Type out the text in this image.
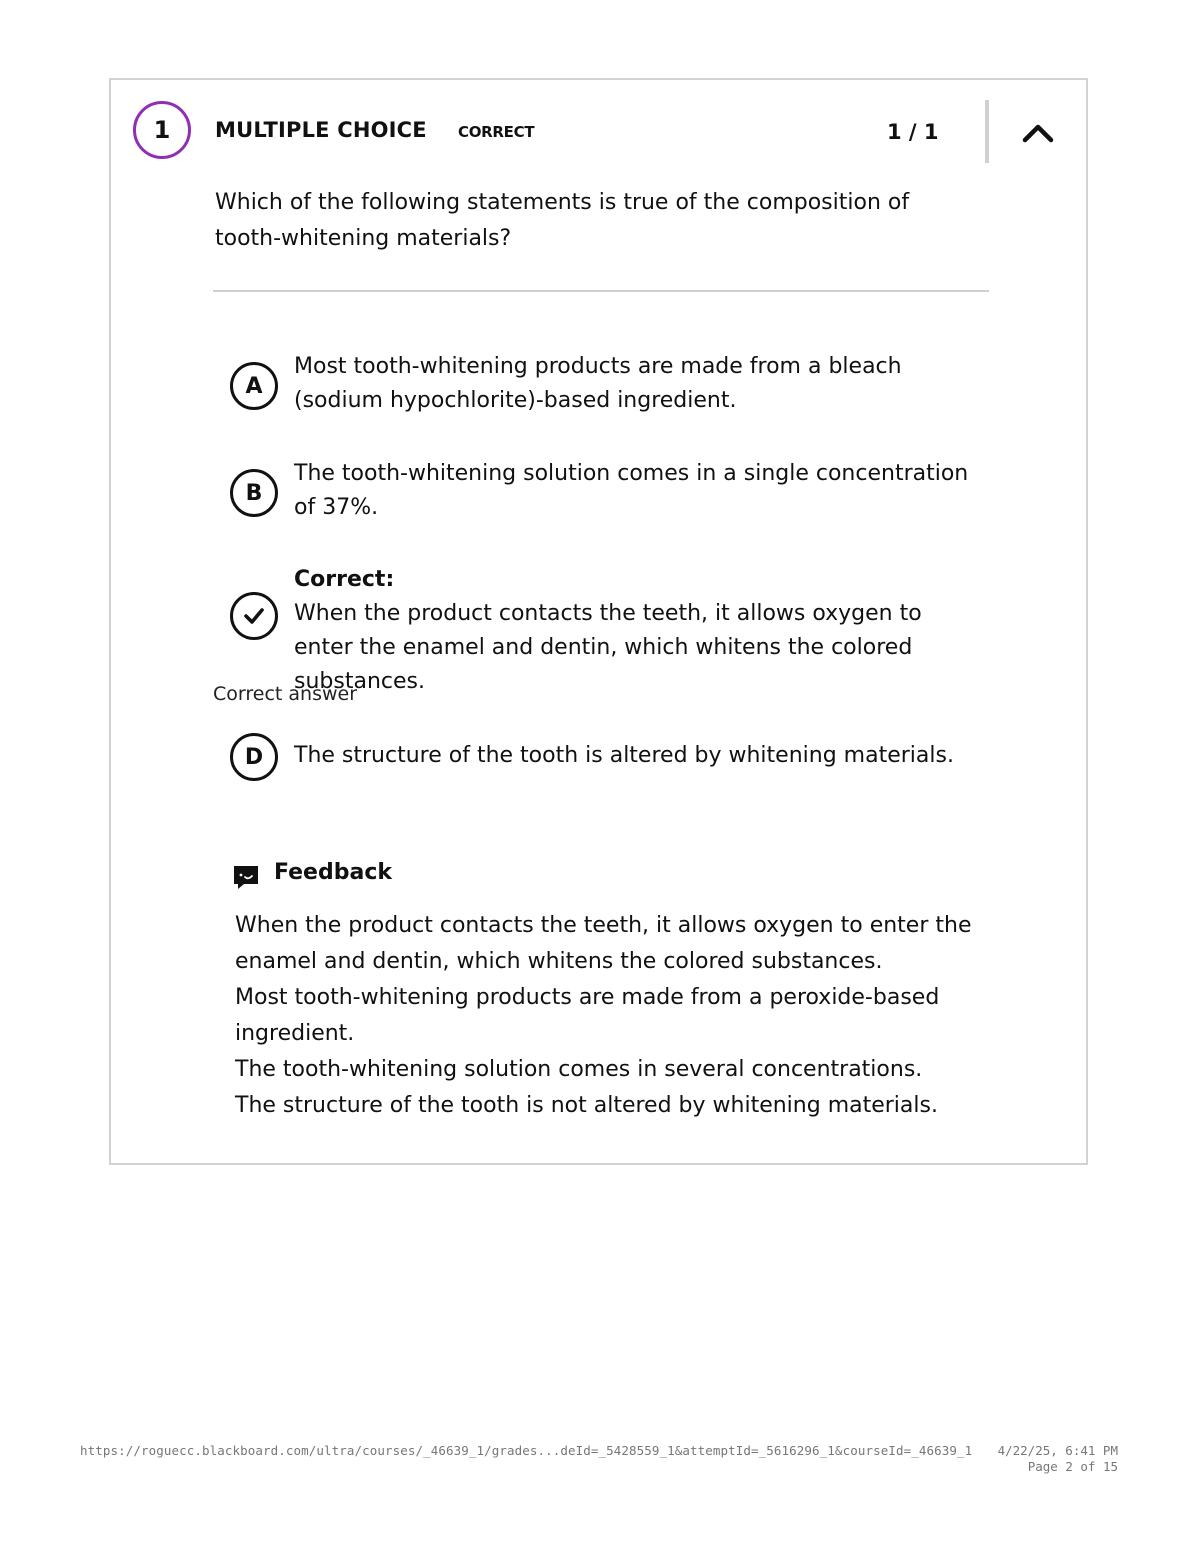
1 MULTIPLE CHOICE CORRECT	1 / 1
Which of the following statements is true of the composition of tooth-whitening materials?
A
Most tooth-whitening products are made from a bleach (sodium hypochlorite)-based ingredient.
B
The tooth-whitening solution comes in a single concentration of 37%.
Correct:
When the product contacts the teeth, it allows oxygen to enter the enamel and dentin, which whitens the colored substances.
Correct answer
D The structure of the tooth is altered by whitening materials.
Feedback
When the product contacts the teeth, it allows oxygen to enter the enamel and dentin, which whitens the colored substances.
Most tooth-whitening products are made from a peroxide-based ingredient.
The tooth-whitening solution comes in several concentrations.
The structure of the tooth is not altered by whitening materials.
https://roguecc.blackboard.com/ultra/courses/_46639_1/grades...deId=_5428559_1&attemptId=_5616296_1&courseId=_46639_1 4/22/25, 6:41 PM
Page 2 of 15
